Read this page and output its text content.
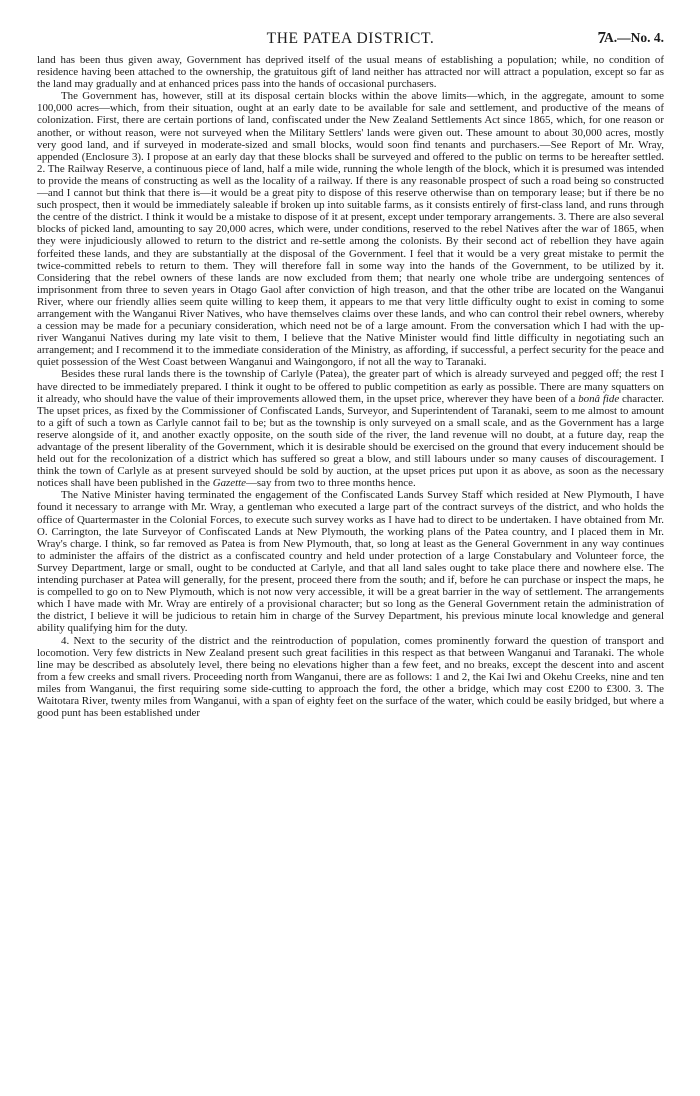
THE PATEA DISTRICT.	7
A.—No. 4.

land has been thus given away, Government has deprived itself of the usual means of establishing a population; while, no condition of residence having been attached to the ownership, the gratuitous gift of land neither has attracted nor will attract a population, except so far as the land may gradually and at enhanced prices pass into the hands of occasional purchasers.

The Government has, however, still at its disposal certain blocks within the above limits—which, in the aggregate, amount to some 100,000 acres—which, from their situation, ought at an early date to be available for sale and settlement, and productive of the means of colonization. First, there are certain portions of land, confiscated under the New Zealand Settlements Act since 1865, which, for one reason or another, or without reason, were not surveyed when the Military Settlers' lands were given out. These amount to about 30,000 acres, mostly very good land, and if surveyed in moderate-sized and small blocks, would soon find tenants and purchasers.—See Report of Mr. Wray, appended (Enclosure 3). I propose at an early day that these blocks shall be surveyed and offered to the public on terms to be hereafter settled. 2. The Railway Reserve, a continuous piece of land, half a mile wide, running the whole length of the block, which it is presumed was intended to provide the means of constructing as well as the locality of a railway. If there is any reasonable prospect of such a road being so constructed—and I cannot but think that there is—it would be a great pity to dispose of this reserve otherwise than on temporary lease; but if there be no such prospect, then it would be immediately saleable if broken up into suitable farms, as it consists entirely of first-class land, and runs through the centre of the district. I think it would be a mistake to dispose of it at present, except under temporary arrangements. 3. There are also several blocks of picked land, amounting to say 20,000 acres, which were, under conditions, reserved to the rebel Natives after the war of 1865, when they were injudiciously allowed to return to the district and re-settle among the colonists. By their second act of rebellion they have again forfeited these lands, and they are substantially at the disposal of the Government. I feel that it would be a very great mistake to permit the twice-committed rebels to return to them. They will therefore fall in some way into the hands of the Government, to be utilized by it. Considering that the rebel owners of these lands are now excluded from them; that nearly one whole tribe are undergoing sentences of imprisonment from three to seven years in Otago Gaol after conviction of high treason, and that the other tribe are located on the Wanganui River, where our friendly allies seem quite willing to keep them, it appears to me that very little difficulty ought to exist in coming to some arrangement with the Wanganui River Natives, who have themselves claims over these lands, and who can control their rebel owners, whereby a cession may be made for a pecuniary consideration, which need not be of a large amount. From the conversation which I had with the up-river Wanganui Natives during my late visit to them, I believe that the Native Minister would find little difficulty in negotiating such an arrangement; and I recommend it to the immediate consideration of the Ministry, as affording, if successful, a perfect security for the peace and quiet possession of the West Coast between Wanganui and Waingongoro, if not all the way to Taranaki.

Besides these rural lands there is the township of Carlyle (Patea), the greater part of which is already surveyed and pegged off; the rest I have directed to be immediately prepared. I think it ought to be offered to public competition as early as possible. There are many squatters on it already, who should have the value of their improvements allowed them, in the upset price, wherever they have been of a bonâ fide character. The upset prices, as fixed by the Commissioner of Confiscated Lands, Surveyor, and Superintendent of Taranaki, seem to me almost to amount to a gift of such a town as Carlyle cannot fail to be; but as the township is only surveyed on a small scale, and as the Government has a large reserve alongside of it, and another exactly opposite, on the south side of the river, the land revenue will no doubt, at a future day, reap the advantage of the present liberality of the Government, which it is desirable should be exercised on the ground that every inducement should be held out for the recolonization of a district which has suffered so great a blow, and still labours under so many causes of discouragement. I think the town of Carlyle as at present surveyed should be sold by auction, at the upset prices put upon it as above, as soon as the necessary notices shall have been published in the Gazette—say from two to three months hence.

The Native Minister having terminated the engagement of the Confiscated Lands Survey Staff which resided at New Plymouth, I have found it necessary to arrange with Mr. Wray, a gentleman who executed a large part of the contract surveys of the district, and who holds the office of Quartermaster in the Colonial Forces, to execute such survey works as I have had to direct to be undertaken. I have obtained from Mr. O. Carrington, the late Surveyor of Confiscated Lands at New Plymouth, the working plans of the Patea country, and I placed them in Mr. Wray's charge. I think, so far removed as Patea is from New Plymouth, that, so long at least as the General Government in any way continues to administer the affairs of the district as a confiscated country and held under protection of a large Constabulary and Volunteer force, the Survey Department, large or small, ought to be conducted at Carlyle, and that all land sales ought to take place there and nowhere else. The intending purchaser at Patea will generally, for the present, proceed there from the south; and if, before he can purchase or inspect the maps, he is compelled to go on to New Plymouth, which is not now very accessible, it will be a great barrier in the way of settlement. The arrangements which I have made with Mr. Wray are entirely of a provisional character; but so long as the General Government retain the administration of the district, I believe it will be judicious to retain him in charge of the Survey Department, his previous minute local knowledge and general ability qualifying him for the duty.

4. Next to the security of the district and the reintroduction of population, comes prominently forward the question of transport and locomotion. Very few districts in New Zealand present such great facilities in this respect as that between Wanganui and Taranaki. The whole line may be described as absolutely level, there being no elevations higher than a few feet, and no breaks, except the descent into and ascent from a few creeks and small rivers. Proceeding north from Wanganui, there are as follows: 1 and 2, the Kai Iwi and Okehu Creeks, nine and ten miles from Wanganui, the first requiring some side-cutting to approach the ford, the other a bridge, which may cost £200 to £300. 3. The Waitotara River, twenty miles from Wanganui, with a span of eighty feet on the surface of the water, which could be easily bridged, but where a good punt has been established under
